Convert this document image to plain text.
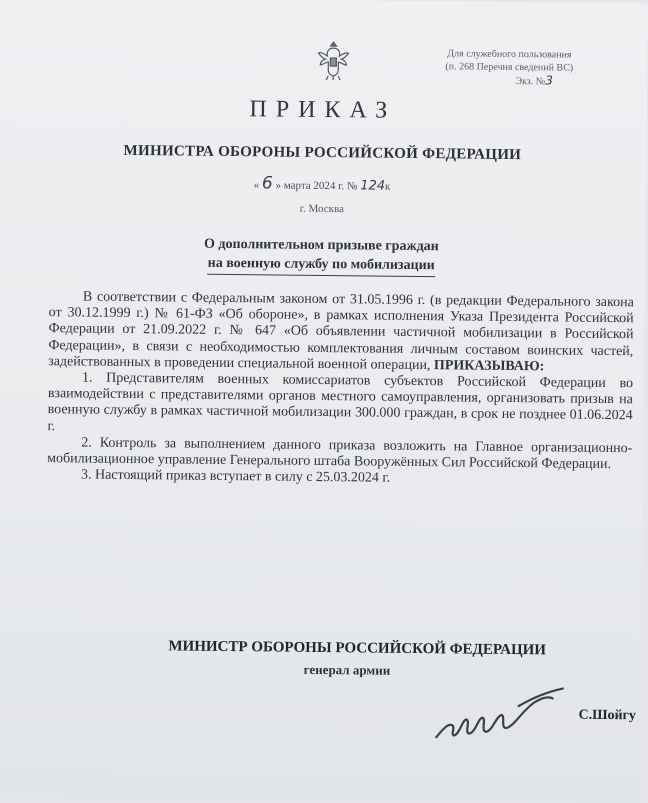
Для служебного пользования
(п. 268 Перечня сведений ВС)
Экз. №3
ПРИКАЗ
МИНИСТРА ОБОРОНЫ РОССИЙСКОЙ ФЕДЕРАЦИИ
« 6 » марта 2024 г. № 124к
г. Москва
О дополнительном призыве граждан
на военную службу по мобилизации

В соответствии с Федеральным законом от 31.05.1996 г. (в редакции Федерального закона от 30.12.1999 г.) № 61-ФЗ «Об обороне», в рамках исполнения Указа Президента Российской Федерации от 21.09.2022 г. № 647 «Об объявлении частичной мобилизации в Российской Федерации», в связи с необходимостью комплектования личным составом воинских частей, задействованных в проведении специальной военной операции, ПРИКАЗЫВАЮ:

1. Представителям военных комиссариатов субъектов Российской Федерации во взаимодействии с представителями органов местного самоуправления, организовать призыв на военную службу в рамках частичной мобилизации 300.000 граждан, в срок не позднее 01.06.2024 г.

2. Контроль за выполнением данного приказа возложить на Главное организационно-мобилизационное управление Генерального штаба Вооружённых Сил Российской Федерации.

3. Настоящий приказ вступает в силу с 25.03.2024 г.

МИНИСТР ОБОРОНЫ РОССИЙСКОЙ ФЕДЕРАЦИИ
генерал армии
С.Шойгу
